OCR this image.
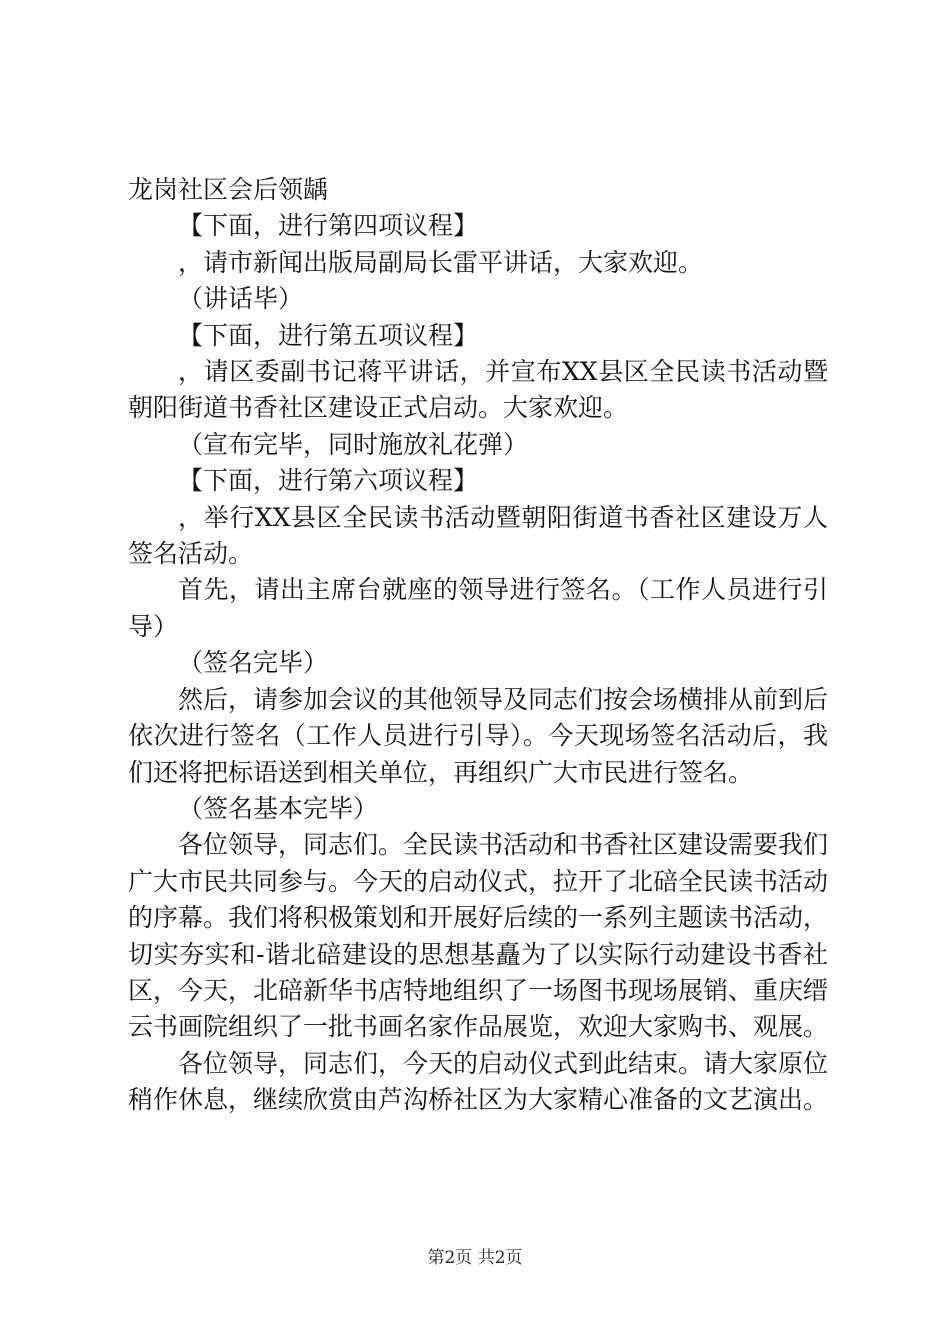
龙岗社区会后领龋

【下面，进行第四项议程】

，请市新闻出版局副局长雷平讲话，大家欢迎。

（讲话毕）

【下面，进行第五项议程】

，请区委副书记蒋平讲话，并宣布XX县区全民读书活动暨朝阳街道书香社区建设正式启动。大家欢迎。

（宣布完毕，同时施放礼花弹）

【下面，进行第六项议程】

，举行XX县区全民读书活动暨朝阳街道书香社区建设万人签名活动。

首先，请出主席台就座的领导进行签名。（工作人员进行引导）

（签名完毕）

然后，请参加会议的其他领导及同志们按会场横排从前到后依次进行签名（工作人员进行引导）。今天现场签名活动后，我们还将把标语送到相关单位，再组织广大市民进行签名。

（签名基本完毕）

各位领导，同志们。全民读书活动和书香社区建设需要我们广大市民共同参与。今天的启动仪式，拉开了北碚全民读书活动的序幕。我们将积极策划和开展好后续的一系列主题读书活动，切实夯实和-谐北碚建设的思想基矗为了以实际行动建设书香社区，今天，北碚新华书店特地组织了一场图书现场展销、重庆缙云书画院组织了一批书画名家作品展览，欢迎大家购书、观展。

各位领导，同志们，今天的启动仪式到此结束。请大家原位稍作休息，继续欣赏由芦沟桥社区为大家精心准备的文艺演出。

第2页 共2页
